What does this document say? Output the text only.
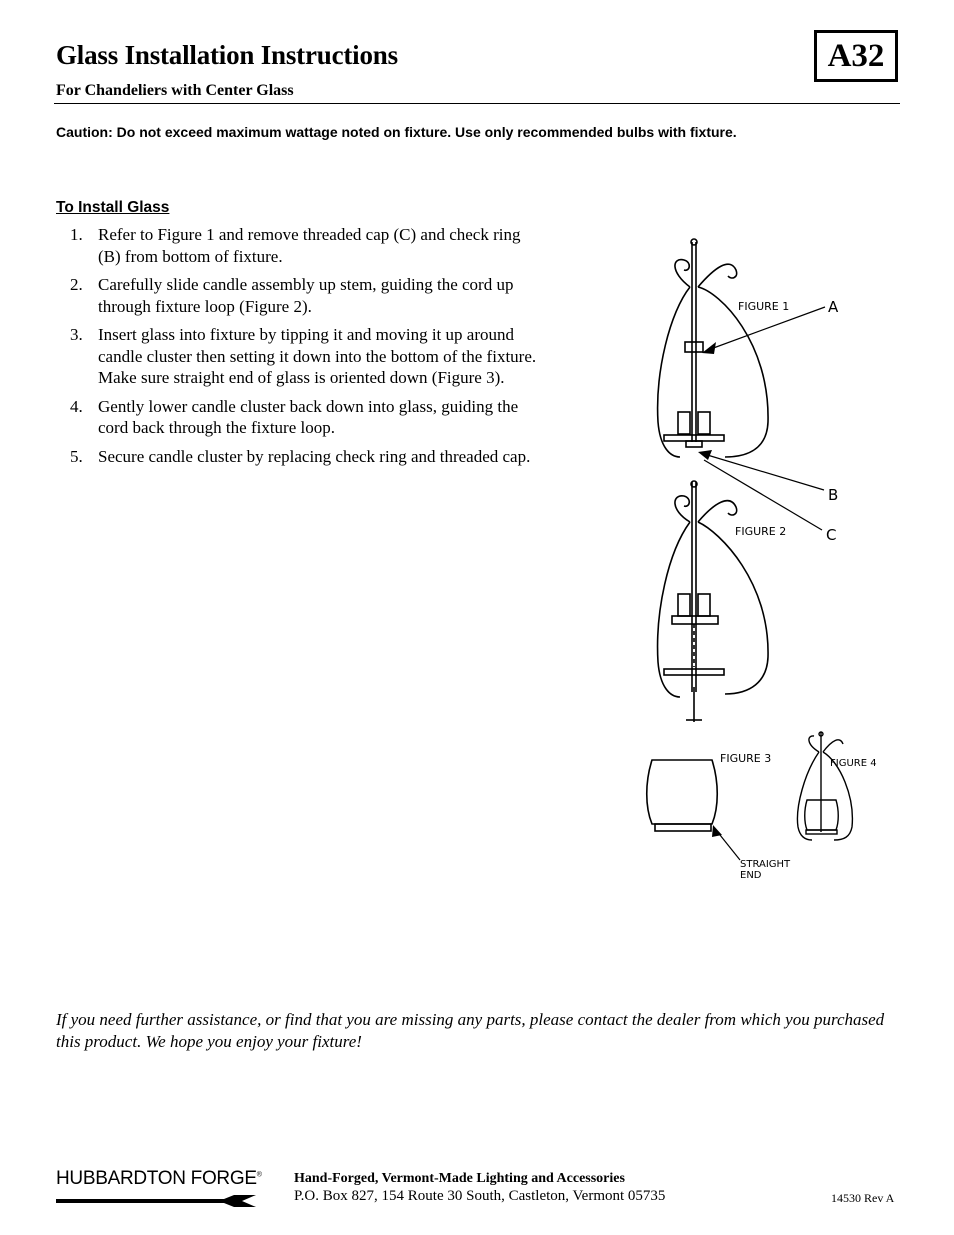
Glass Installation Instructions	A32
For Chandeliers with Center Glass
Caution: Do not exceed maximum wattage noted on fixture. Use only recommended bulbs with fixture.
To Install Glass
1. Refer to Figure 1 and remove threaded cap (C) and check ring (B) from bottom of fixture.
2. Carefully slide candle assembly up stem, guiding the cord up through fixture loop (Figure 2).
3. Insert glass into fixture by tipping it and moving it up around candle cluster then setting it down into the bottom of the fixture. Make sure straight end of glass is oriented down (Figure 3).
4. Gently lower candle cluster back down into glass, guiding the cord back through the fixture loop.
5. Secure candle cluster by replacing check ring and threaded cap.
FIGURE 1	A
B
C
FIGURE 2
FIGURE 3
STRAIGHT
END
FIGURE 4
If you need further assistance, or find that you are missing any parts, please contact the dealer from which you purchased this product. We hope you enjoy your fixture!
HUBBARDTON FORGE® Hand-Forged, Vermont-Made Lighting and Accessories
P.O. Box 827, 154 Route 30 South, Castleton, Vermont 05735	14530 Rev A
